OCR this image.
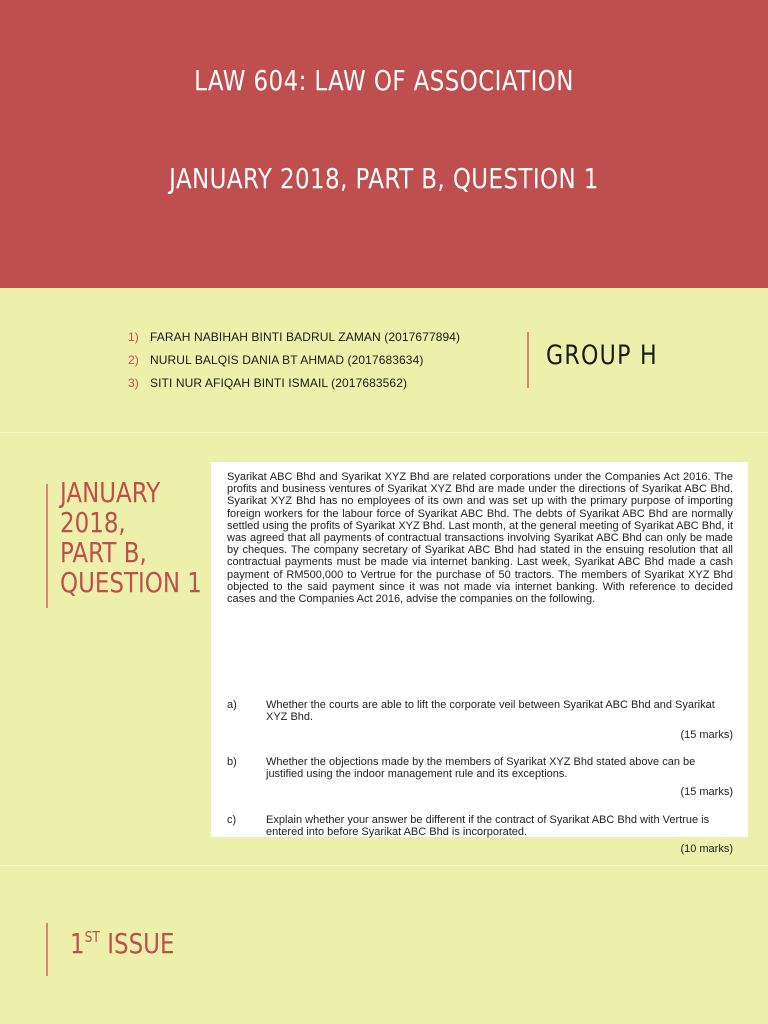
LAW 604: LAW OF ASSOCIATION
JANUARY 2018, PART B, QUESTION 1
1) FARAH NABIHAH BINTI BADRUL ZAMAN (2017677894)
2) NURUL BALQIS DANIA BT AHMAD (2017683634)
3) SITI NUR AFIQAH BINTI ISMAIL (2017683562)
GROUP H
JANUARY
2018,
PART B,
QUESTION 1
Syarikat ABC Bhd and Syarikat XYZ Bhd are related corporations under the Companies Act 2016. The profits and business ventures of Syarikat XYZ Bhd are made under the directions of Syarikat ABC Bhd. Syarikat XYZ Bhd has no employees of its own and was set up with the primary purpose of importing foreign workers for the labour force of Syarikat ABC Bhd. The debts of Syarikat ABC Bhd are normally settled using the profits of Syarikat XYZ Bhd. Last month, at the general meeting of Syarikat ABC Bhd, it was agreed that all payments of contractual transactions involving Syarikat ABC Bhd can only be made by cheques. The company secretary of Syarikat ABC Bhd had stated in the ensuing resolution that all contractual payments must be made via internet banking. Last week, Syarikat ABC Bhd made a cash payment of RM500,000 to Vertrue for the purchase of 50 tractors. The members of Syarikat XYZ Bhd objected to the said payment since it was not made via internet banking. With reference to decided cases and the Companies Act 2016, advise the companies on the following.
a)	Whether the courts are able to lift the corporate veil between Syarikat ABC Bhd and Syarikat XYZ Bhd.
(15 marks)
b)	Whether the objections made by the members of Syarikat XYZ Bhd stated above can be justified using the indoor management rule and its exceptions.
(15 marks)
c)	Explain whether your answer be different if the contract of Syarikat ABC Bhd with Vertrue is entered into before Syarikat ABC Bhd is incorporated.
(10 marks)
1ST ISSUE
